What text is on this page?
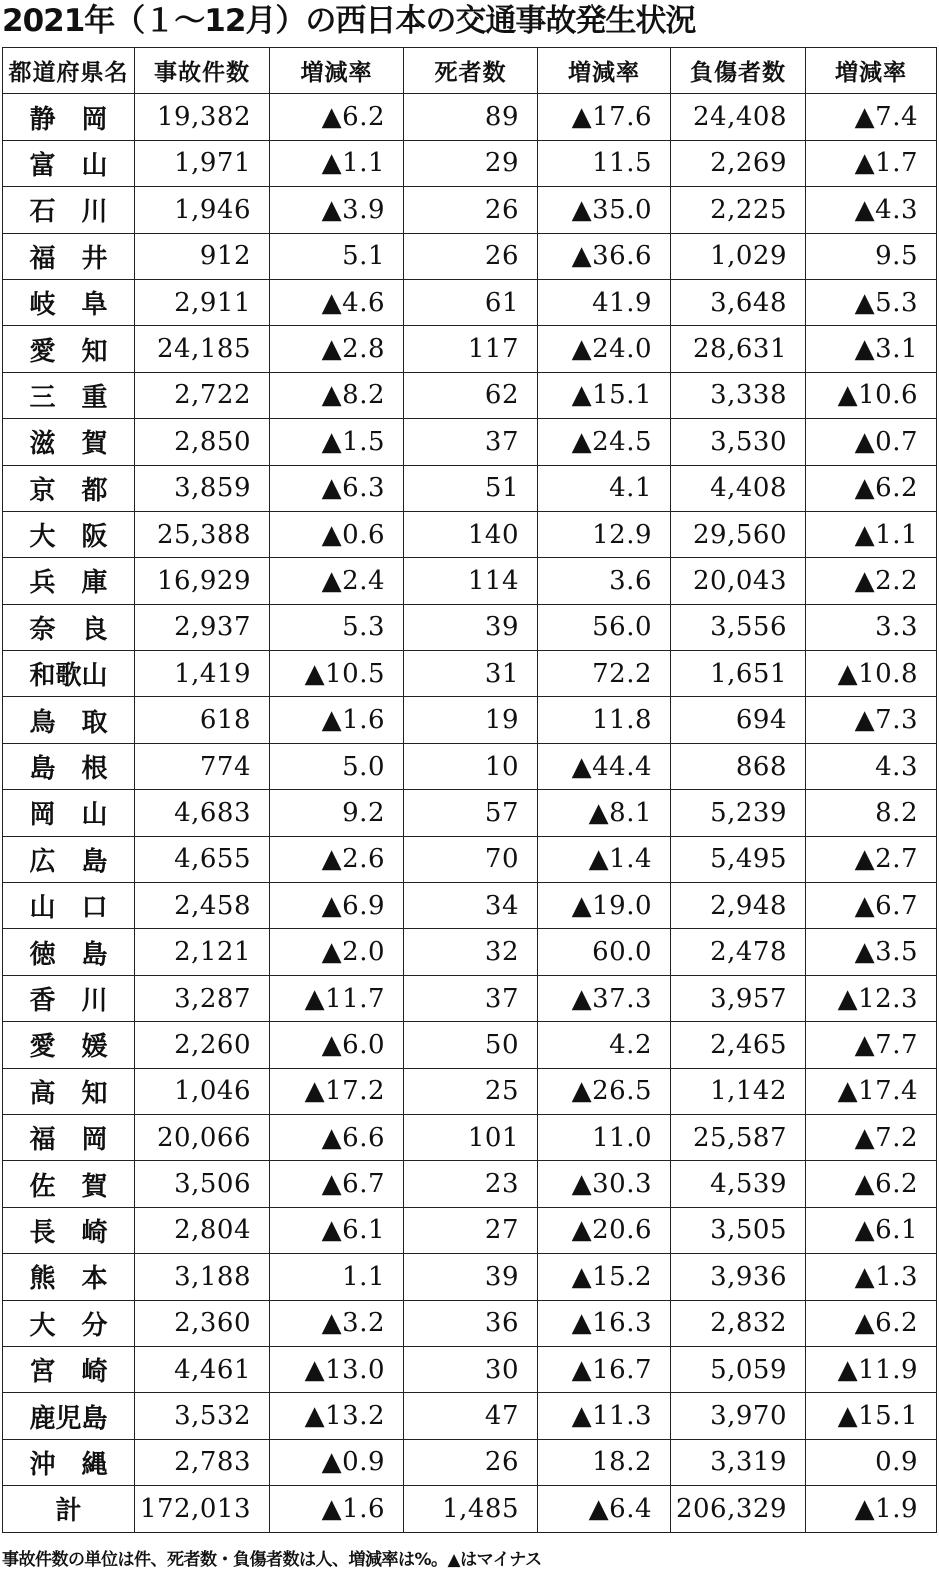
2021年（１～12月）の西日本の交通事故発生状況
都道府県名	事故件数	増減率	死者数	増減率	負傷者数	増減率
静　岡	19,382	▲6.2	89	▲17.6	24,408	▲7.4
富　山	1,971	▲1.1	29	11.5	2,269	▲1.7
石　川	1,946	▲3.9	26	▲35.0	2,225	▲4.3
福　井	912	5.1	26	▲36.6	1,029	9.5
岐　阜	2,911	▲4.6	61	41.9	3,648	▲5.3
愛　知	24,185	▲2.8	117	▲24.0	28,631	▲3.1
三　重	2,722	▲8.2	62	▲15.1	3,338	▲10.6
滋　賀	2,850	▲1.5	37	▲24.5	3,530	▲0.7
京　都	3,859	▲6.3	51	4.1	4,408	▲6.2
大　阪	25,388	▲0.6	140	12.9	29,560	▲1.1
兵　庫	16,929	▲2.4	114	3.6	20,043	▲2.2
奈　良	2,937	5.3	39	56.0	3,556	3.3
和歌山	1,419	▲10.5	31	72.2	1,651	▲10.8
鳥　取	618	▲1.6	19	11.8	694	▲7.3
島　根	774	5.0	10	▲44.4	868	4.3
岡　山	4,683	9.2	57	▲8.1	5,239	8.2
広　島	4,655	▲2.6	70	▲1.4	5,495	▲2.7
山　口	2,458	▲6.9	34	▲19.0	2,948	▲6.7
徳　島	2,121	▲2.0	32	60.0	2,478	▲3.5
香　川	3,287	▲11.7	37	▲37.3	3,957	▲12.3
愛　媛	2,260	▲6.0	50	4.2	2,465	▲7.7
高　知	1,046	▲17.2	25	▲26.5	1,142	▲17.4
福　岡	20,066	▲6.6	101	11.0	25,587	▲7.2
佐　賀	3,506	▲6.7	23	▲30.3	4,539	▲6.2
長　崎	2,804	▲6.1	27	▲20.6	3,505	▲6.1
熊　本	3,188	1.1	39	▲15.2	3,936	▲1.3
大　分	2,360	▲3.2	36	▲16.3	2,832	▲6.2
宮　崎	4,461	▲13.0	30	▲16.7	5,059	▲11.9
鹿児島	3,532	▲13.2	47	▲11.3	3,970	▲15.1
沖　縄	2,783	▲0.9	26	18.2	3,319	0.9
計	172,013	▲1.6	1,485	▲6.4	206,329	▲1.9
事故件数の単位は件、死者数・負傷者数は人、増減率は%。▲はマイナス
